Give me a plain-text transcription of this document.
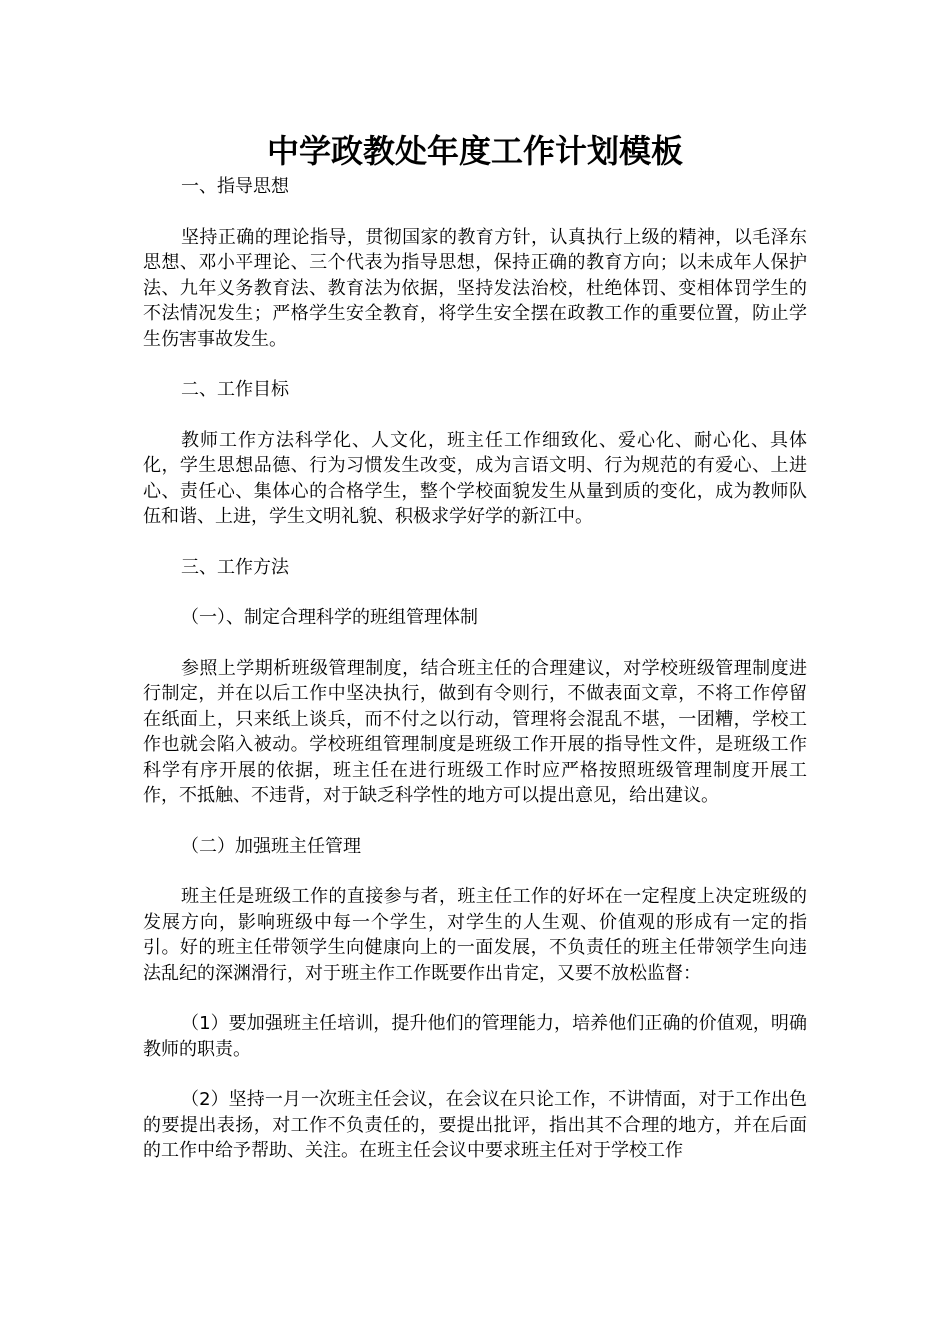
中学政教处年度工作计划模板

一、指导思想

坚持正确的理论指导，贯彻国家的教育方针，认真执行上级的精神，以毛泽东思想、邓小平理论、三个代表为指导思想，保持正确的教育方向；以未成年人保护法、九年义务教育法、教育法为依据，坚持发法治校，杜绝体罚、变相体罚学生的不法情况发生；严格学生安全教育，将学生安全摆在政教工作的重要位置，防止学生伤害事故发生。

二、工作目标

教师工作方法科学化、人文化，班主任工作细致化、爱心化、耐心化、具体化，学生思想品德、行为习惯发生改变，成为言语文明、行为规范的有爱心、上进心、责任心、集体心的合格学生，整个学校面貌发生从量到质的变化，成为教师队伍和谐、上进，学生文明礼貌、积极求学好学的新江中。

三、工作方法

（一）、制定合理科学的班组管理体制

参照上学期析班级管理制度，结合班主任的合理建议，对学校班级管理制度进行制定，并在以后工作中坚决执行，做到有令则行，不做表面文章，不将工作停留在纸面上，只来纸上谈兵，而不付之以行动，管理将会混乱不堪，一团糟，学校工作也就会陷入被动。学校班组管理制度是班级工作开展的指导性文件，是班级工作科学有序开展的依据，班主任在进行班级工作时应严格按照班级管理制度开展工作，不抵触、不违背，对于缺乏科学性的地方可以提出意见，给出建议。

（二）加强班主任管理

班主任是班级工作的直接参与者，班主任工作的好坏在一定程度上决定班级的发展方向，影响班级中每一个学生，对学生的人生观、价值观的形成有一定的指引。好的班主任带领学生向健康向上的一面发展，不负责任的班主任带领学生向违法乱纪的深渊滑行，对于班主作工作既要作出肯定，又要不放松监督：

（1）要加强班主任培训，提升他们的管理能力，培养他们正确的价值观，明确教师的职责。

（2）坚持一月一次班主任会议，在会议在只论工作，不讲情面，对于工作出色的要提出表扬，对工作不负责任的，要提出批评，指出其不合理的地方，并在后面的工作中给予帮助、关注。在班主任会议中要求班主任对于学校工作
